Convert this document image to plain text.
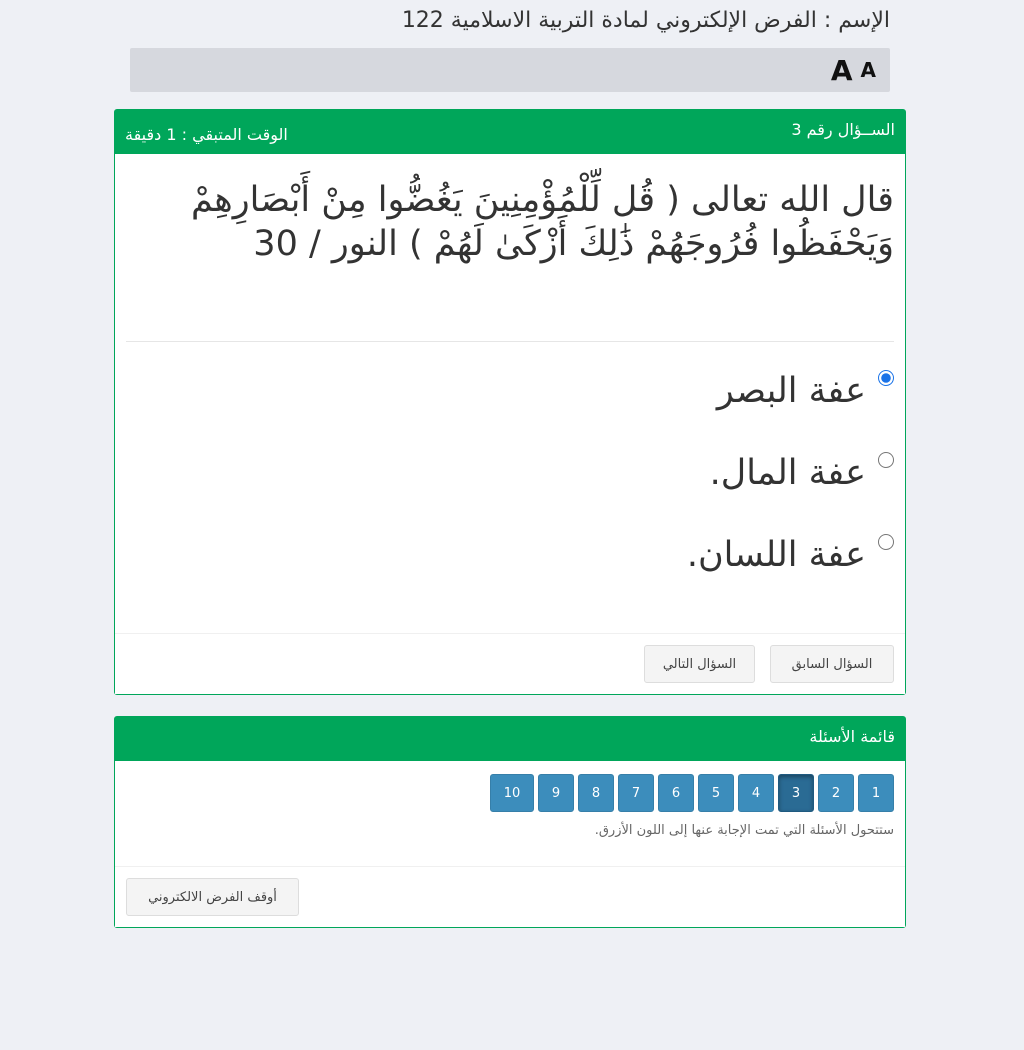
الإسم : الفرض الإلكتروني لمادة التربية الاسلامية 122
A
A
الســؤال رقم 3
الوقت المتبقي : 1 دقيقة
قال الله تعالى ( قُل لِّلْمُؤْمِنِينَ يَغُضُّوا مِنْ أَبْصَارِهِمْ وَيَحْفَظُوا فُرُوجَهُمْ ذَٰلِكَ أَزْكَىٰ لَهُمْ ) النور / 30
عفة البصر
عفة المال.
عفة اللسان.
السؤال السابق
السؤال التالي
قائمة الأسئلة
1
2
3
4
5
6
7
8
9
10
ستتحول الأسئلة التي تمت الإجابة عنها إلى اللون الأزرق.
أوقف الفرض الالكتروني
